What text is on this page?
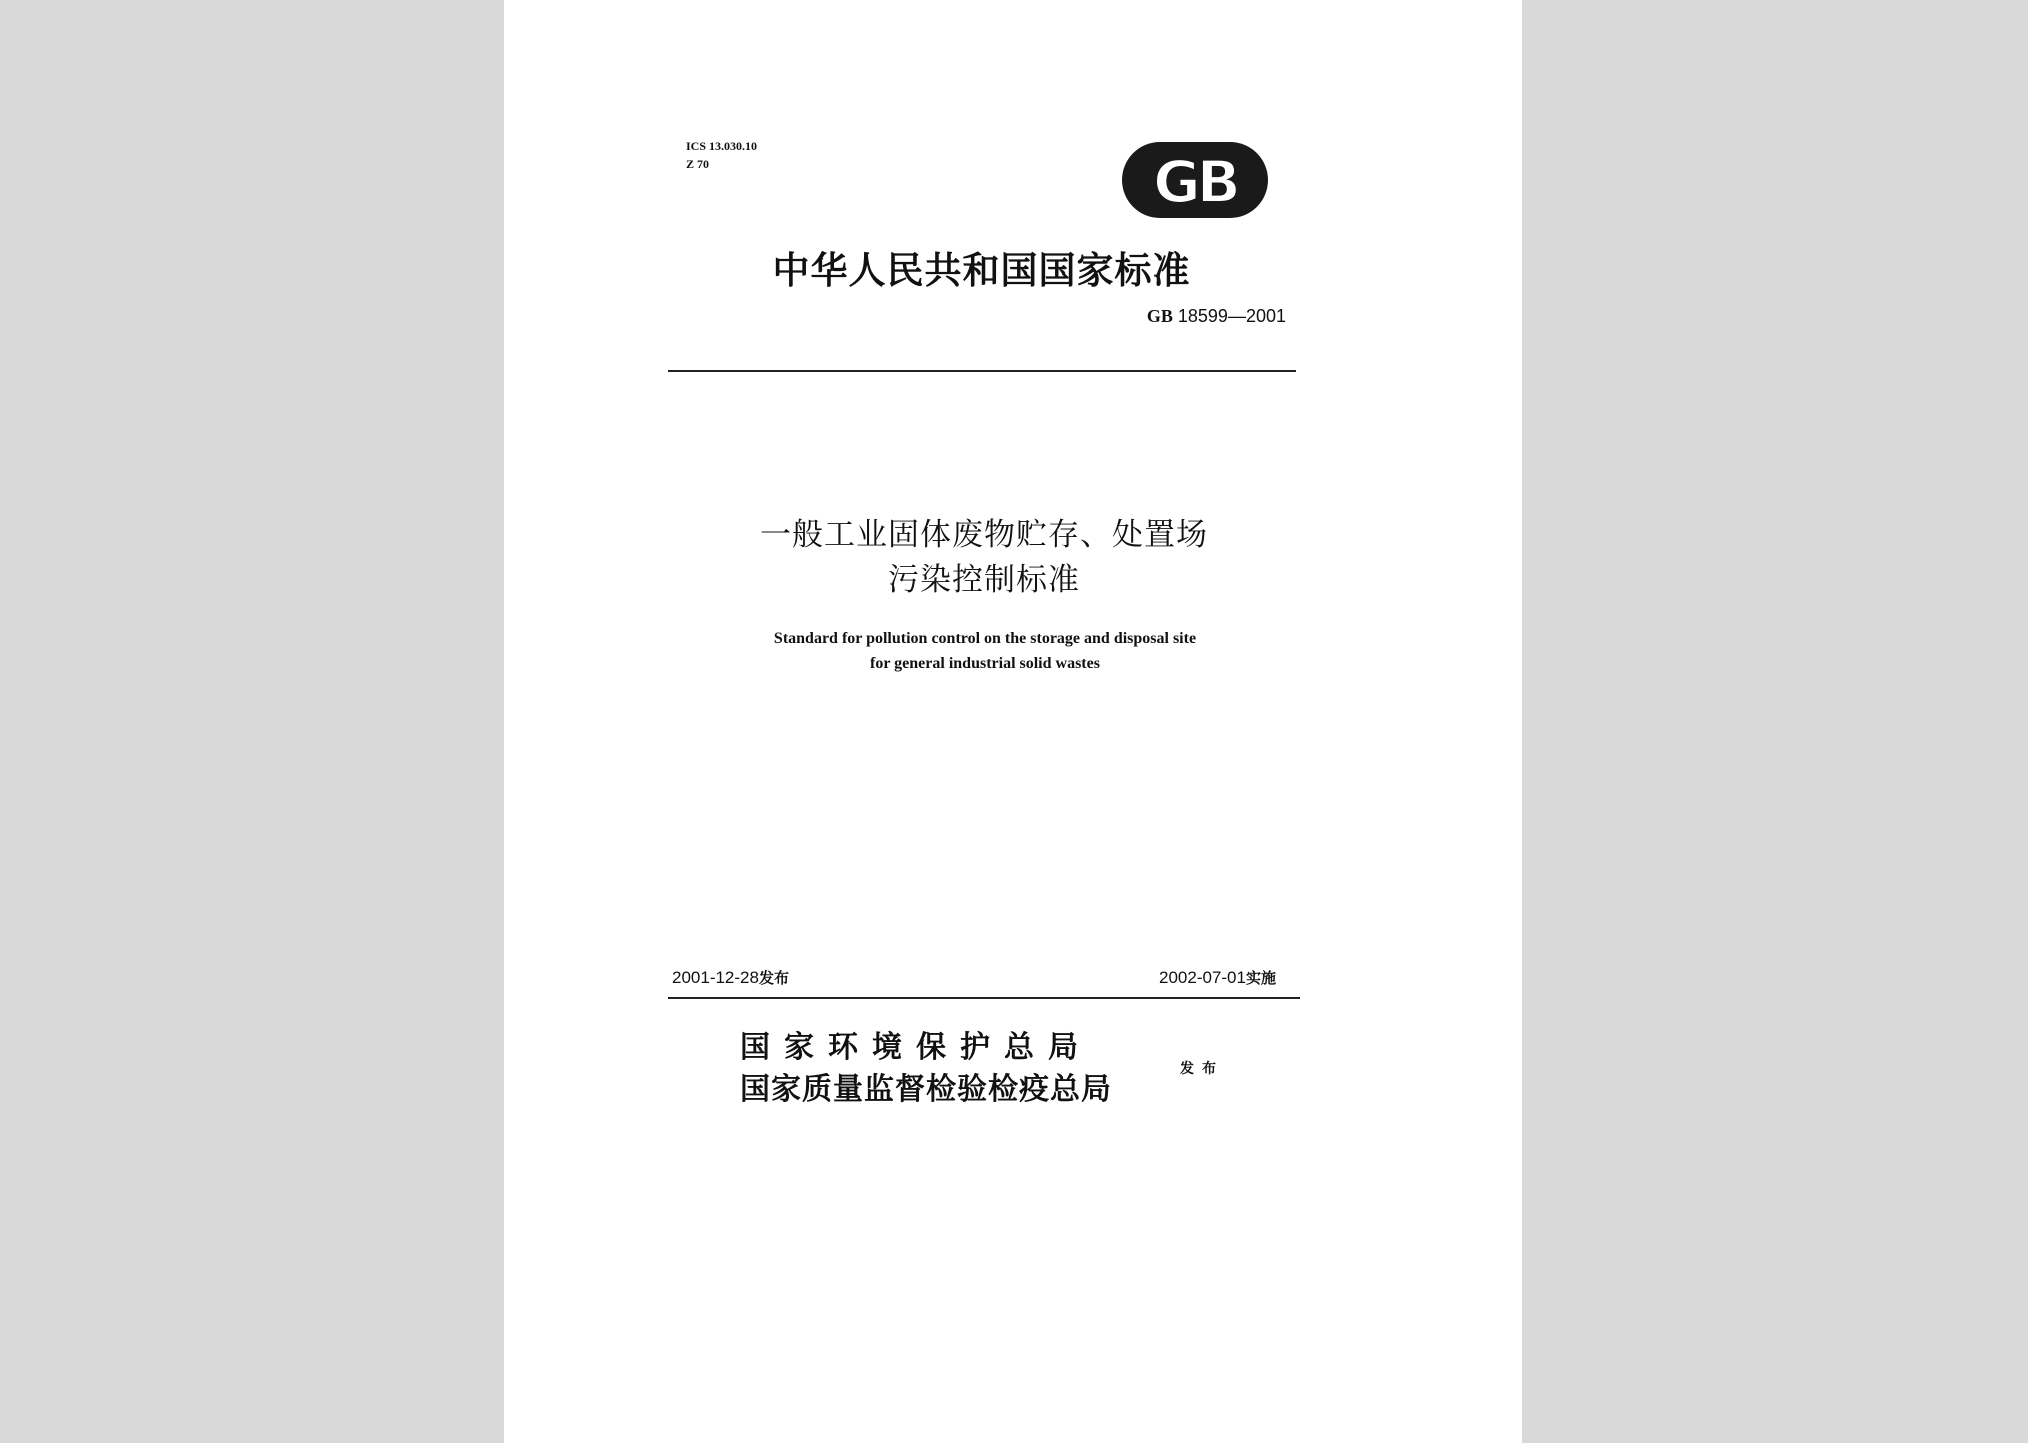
ICS 13.030.10
Z 70	GB
中华人民共和国国家标准
GB 18599—2001
一般工业固体废物贮存、处置场
污染控制标准
Standard for pollution control on the storage and disposal site
for general industrial solid wastes
2001-12-28发布	2002-07-01实施
国家环境保护总局
国家质量监督检验检疫总局
发布
